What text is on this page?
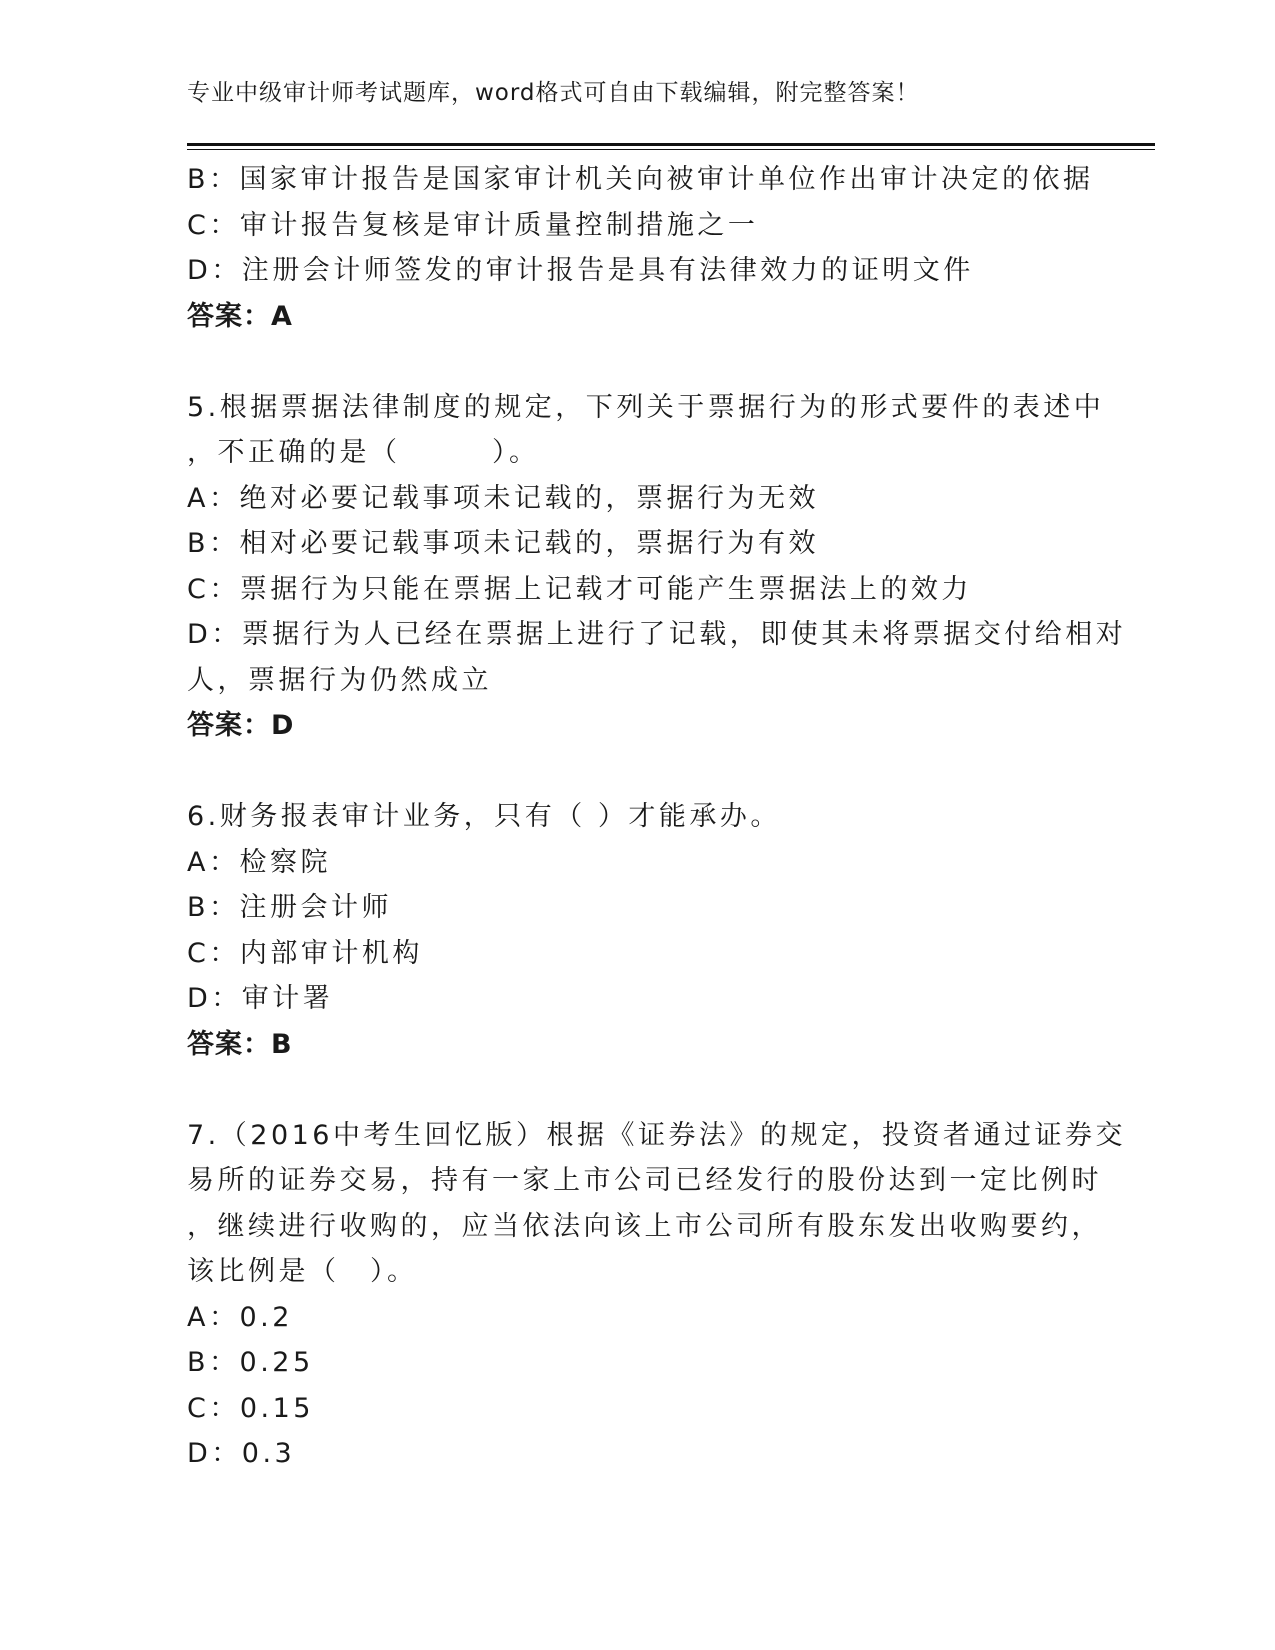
专业中级审计师考试题库，word格式可自由下载编辑，附完整答案！
B：国家审计报告是国家审计机关向被审计单位作出审计决定的依据
C：审计报告复核是审计质量控制措施之一
D：注册会计师签发的审计报告是具有法律效力的证明文件
答案：A
5.根据票据法律制度的规定，下列关于票据行为的形式要件的表述中
，不正确的是（　　　）。
A：绝对必要记载事项未记载的，票据行为无效
B：相对必要记载事项未记载的，票据行为有效
C：票据行为只能在票据上记载才可能产生票据法上的效力
D：票据行为人已经在票据上进行了记载，即使其未将票据交付给相对
人，票据行为仍然成立
答案：D
6.财务报表审计业务，只有（ ）才能承办。
A：检察院
B：注册会计师
C：内部审计机构
D：审计署
答案：B
7.（2016中考生回忆版）根据《证券法》的规定，投资者通过证券交
易所的证券交易，持有一家上市公司已经发行的股份达到一定比例时
，继续进行收购的，应当依法向该上市公司所有股东发出收购要约，
该比例是（　）。
A：0.2
B：0.25
C：0.15
D：0.3
